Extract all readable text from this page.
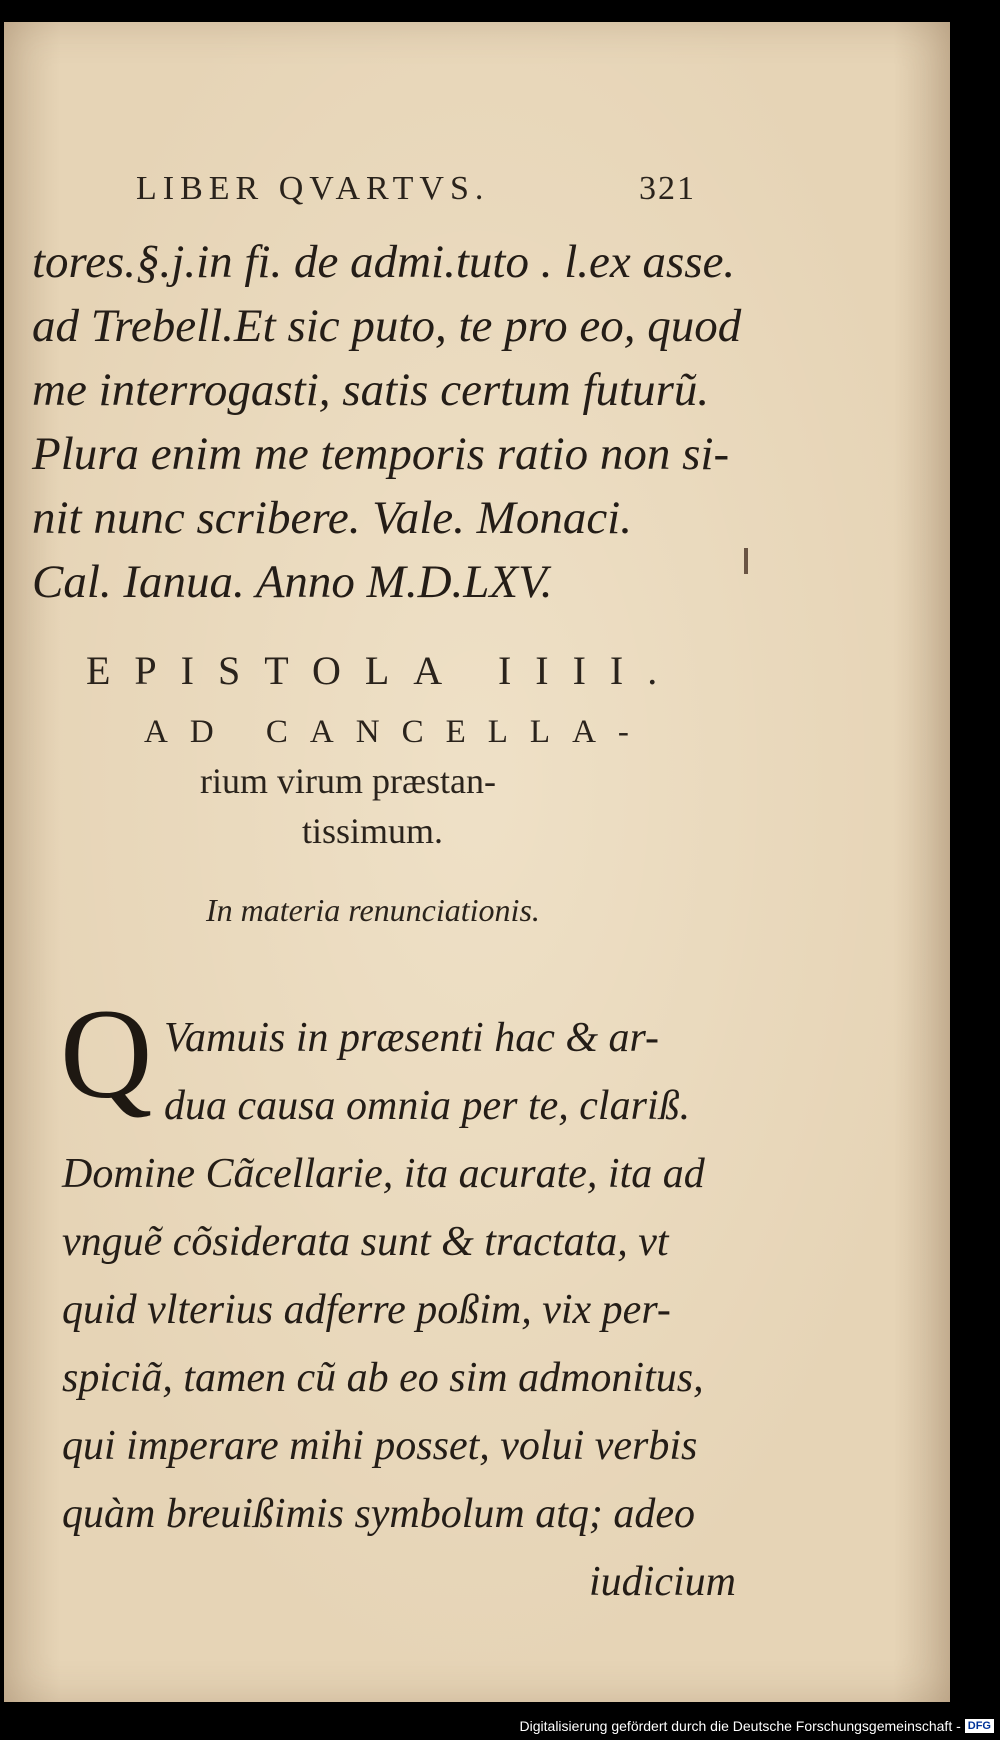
LIBER QVARTVS.	321
tores.§.j.in fi. de admi.tuto . l.ex asse.
ad Trebell.Et sic puto, te pro eo, quod
me interrogasti, satis certum futurũ.
Plura enim me temporis ratio non si-
nit nunc scribere. Vale. Monaci.
Cal. Ianua. Anno M.D.LXV.
EPISTOLA IIII.
AD CANCELLA-
rium virum præstan-
tissimum.
In materia renunciationis.
Q Vamuis in præsenti hac & ar-
dua causa omnia per te, clariß.
Domine Cãcellarie, ita acurate, ita ad
vnguẽ cõsiderata sunt & tractata, vt
quid vlterius adferre poßim, vix per-
spiciã, tamen cũ ab eo sim admonitus,
qui imperare mihi posset, volui verbis
quàm breuißimis symbolum atq; adeo
iudicium
Digitalisierung gefördert durch die Deutsche Forschungsgemeinschaft - DFG
